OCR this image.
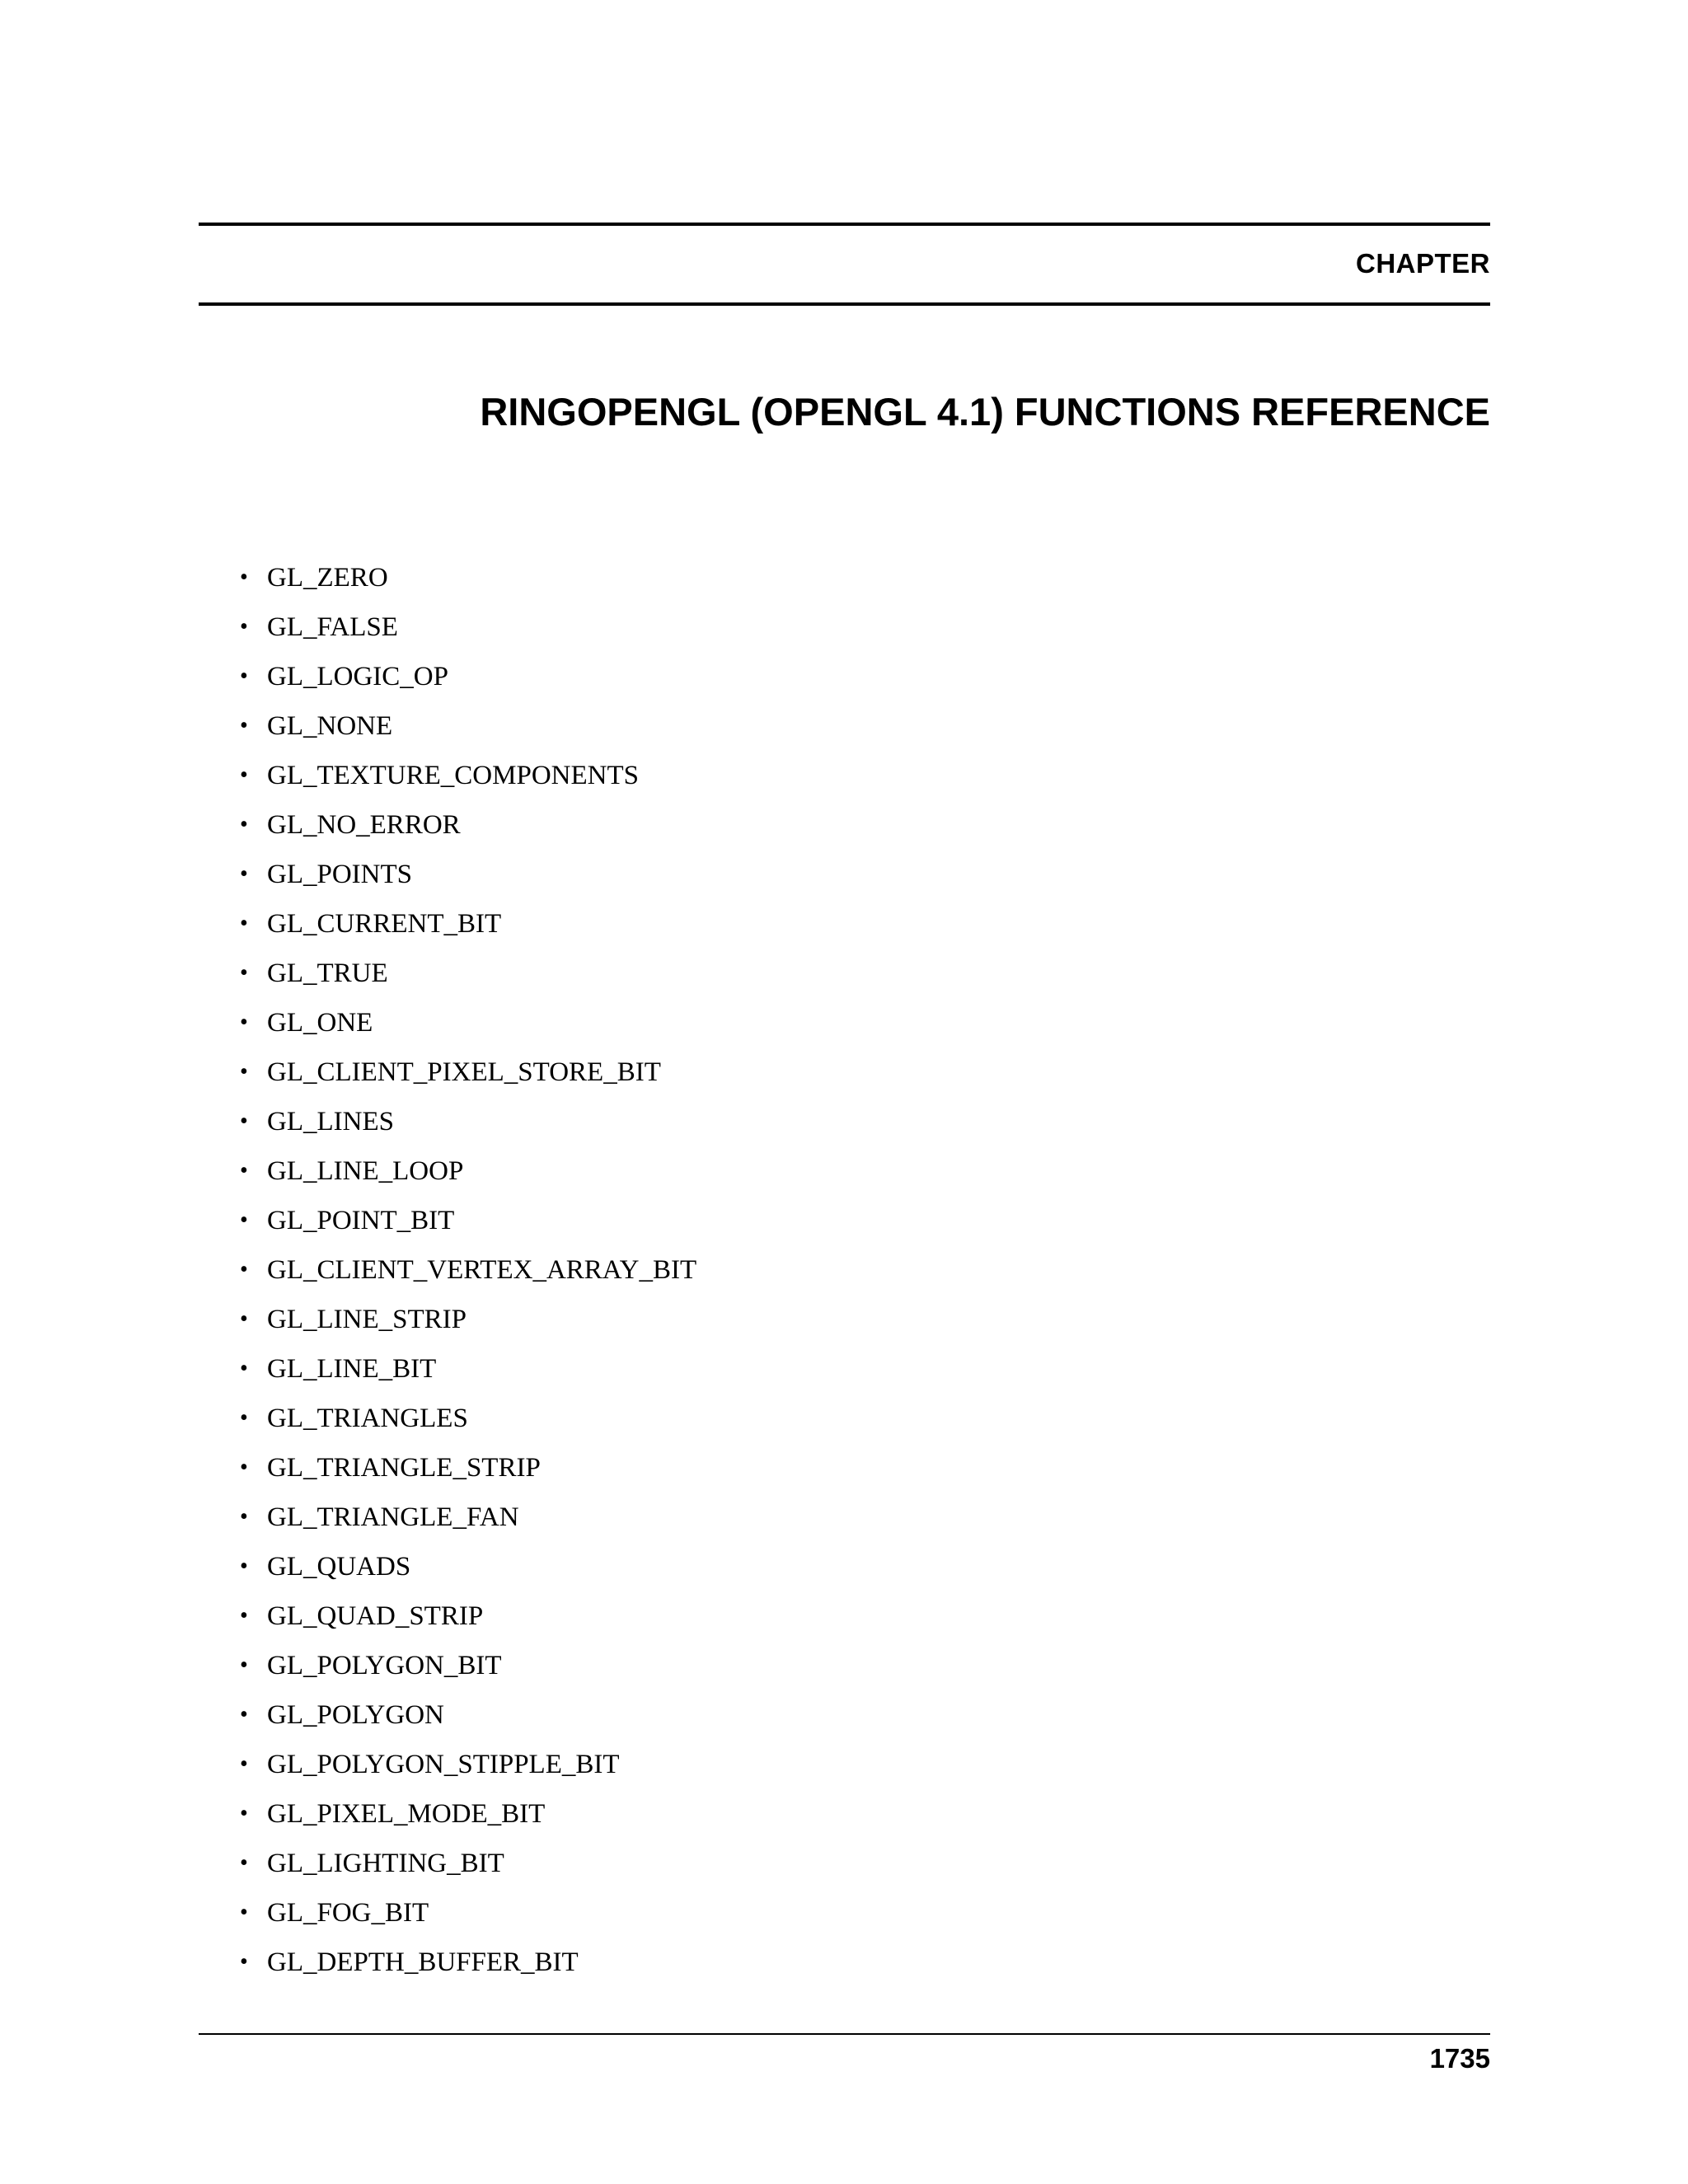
CHAPTER
RINGOPENGL (OPENGL 4.1) FUNCTIONS REFERENCE
• GL_ZERO
• GL_FALSE
• GL_LOGIC_OP
• GL_NONE
• GL_TEXTURE_COMPONENTS
• GL_NO_ERROR
• GL_POINTS
• GL_CURRENT_BIT
• GL_TRUE
• GL_ONE
• GL_CLIENT_PIXEL_STORE_BIT
• GL_LINES
• GL_LINE_LOOP
• GL_POINT_BIT
• GL_CLIENT_VERTEX_ARRAY_BIT
• GL_LINE_STRIP
• GL_LINE_BIT
• GL_TRIANGLES
• GL_TRIANGLE_STRIP
• GL_TRIANGLE_FAN
• GL_QUADS
• GL_QUAD_STRIP
• GL_POLYGON_BIT
• GL_POLYGON
• GL_POLYGON_STIPPLE_BIT
• GL_PIXEL_MODE_BIT
• GL_LIGHTING_BIT
• GL_FOG_BIT
• GL_DEPTH_BUFFER_BIT
1735
